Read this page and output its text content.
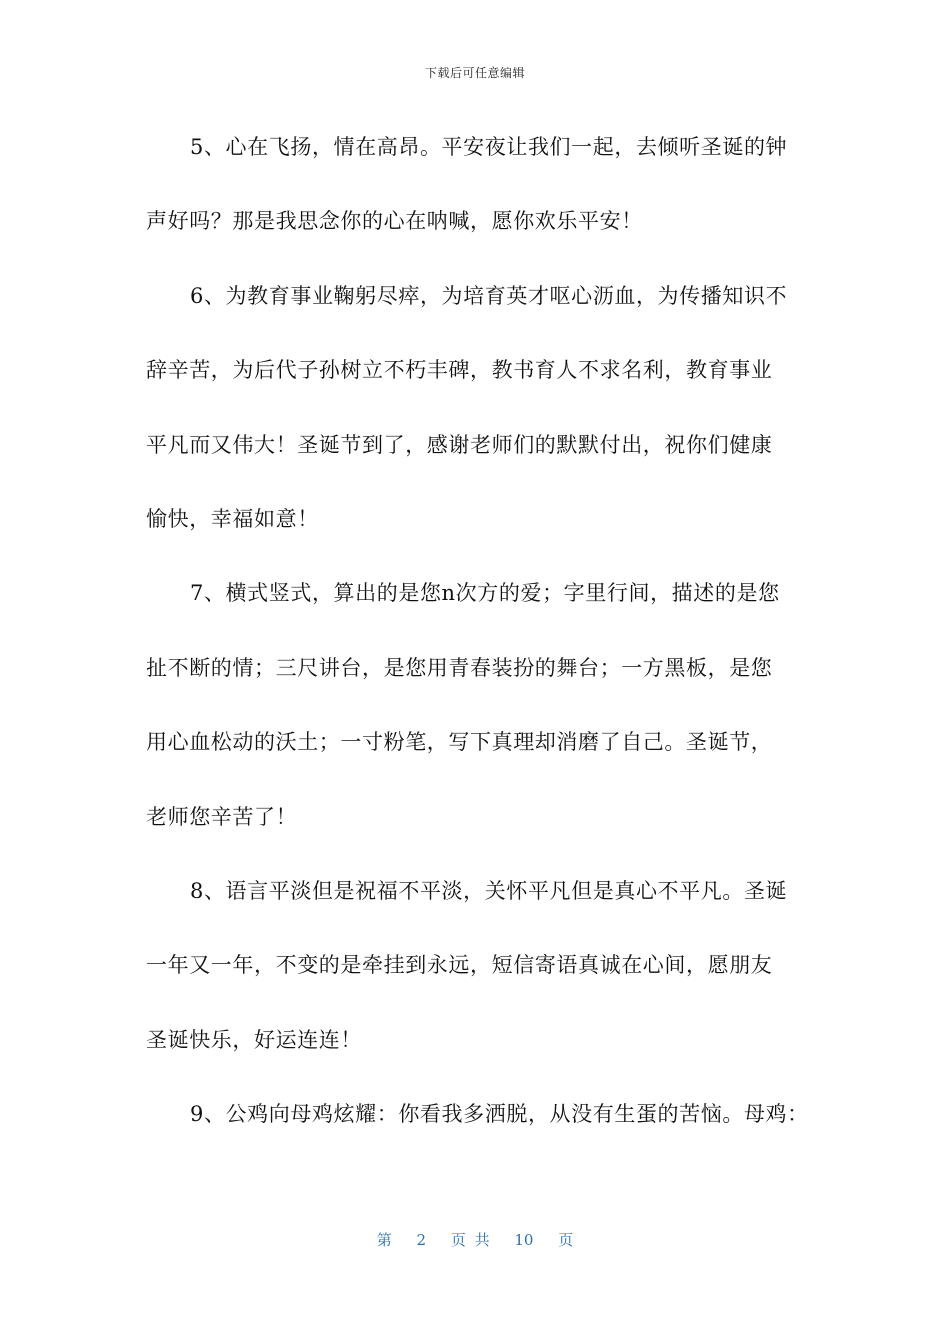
下载后可任意编辑
5、心在飞扬，情在高昂。平安夜让我们一起，去倾听圣诞的钟
声好吗？那是我思念你的心在呐喊，愿你欢乐平安！
6、为教育事业鞠躬尽瘁，为培育英才呕心沥血，为传播知识不
辞辛苦，为后代子孙树立不朽丰碑，教书育人不求名利，教育事业
平凡而又伟大！圣诞节到了，感谢老师们的默默付出，祝你们健康
愉快，幸福如意！
7、横式竖式，算出的是您n次方的爱；字里行间，描述的是您
扯不断的情；三尺讲台，是您用青春装扮的舞台；一方黑板，是您
用心血松动的沃土；一寸粉笔，写下真理却消磨了自己。圣诞节，
老师您辛苦了！
8、语言平淡但是祝福不平淡，关怀平凡但是真心不平凡。圣诞
一年又一年，不变的是牵挂到永远，短信寄语真诚在心间，愿朋友
圣诞快乐，好运连连！
9、公鸡向母鸡炫耀：你看我多洒脱，从没有生蛋的苦恼。母鸡：
第 2 页 共 10 页
